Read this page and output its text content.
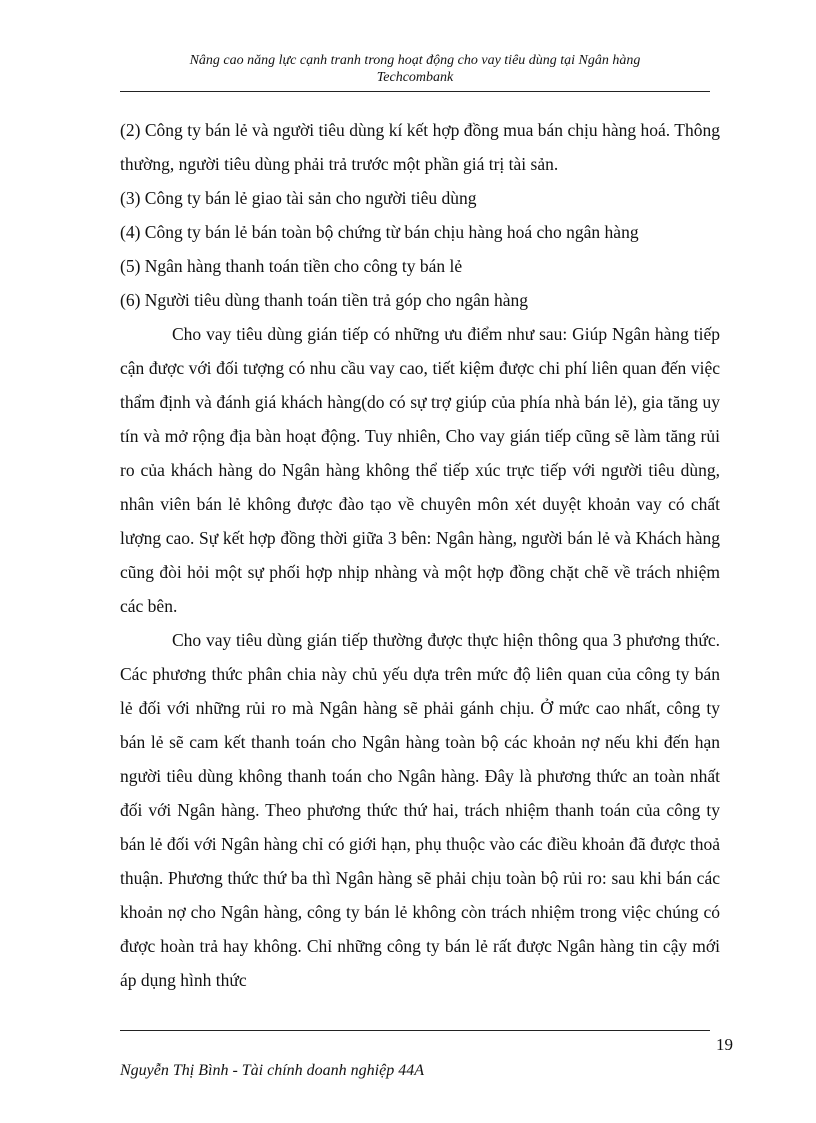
Nâng cao năng lực cạnh tranh trong hoạt động cho vay tiêu dùng tại Ngân hàng
Techcombank

(2) Công ty bán lẻ và người tiêu dùng kí kết hợp đồng mua bán chịu hàng hoá. Thông thường, người tiêu dùng phải trả trước một phần giá trị tài sản.

(3) Công ty bán lẻ giao tài sản cho người tiêu dùng

(4) Công ty bán lẻ bán toàn bộ chứng từ bán chịu hàng hoá cho ngân hàng

(5) Ngân hàng thanh toán tiền cho công ty bán lẻ

(6) Người tiêu dùng thanh toán tiền trả góp cho ngân hàng

Cho vay tiêu dùng gián tiếp có những ưu điểm như sau: Giúp Ngân hàng tiếp cận được với đối tượng có nhu cầu vay cao, tiết kiệm được chi phí liên quan đến việc thẩm định và đánh giá khách hàng(do có sự trợ giúp của phía nhà bán lẻ), gia tăng uy tín và mở rộng địa bàn hoạt động. Tuy nhiên, Cho vay gián tiếp cũng sẽ làm tăng rủi ro của khách hàng do Ngân hàng không thể tiếp xúc trực tiếp với người tiêu dùng, nhân viên bán lẻ không được đào tạo về chuyên môn xét duyệt khoản vay có chất lượng cao. Sự kết hợp đồng thời giữa 3 bên: Ngân hàng, người bán lẻ và Khách hàng cũng đòi hỏi một sự phối hợp nhịp nhàng và một hợp đồng chặt chẽ về trách nhiệm các bên.

Cho vay tiêu dùng gián tiếp thường được thực hiện thông qua 3 phương thức. Các phương thức phân chia này chủ yếu dựa trên mức độ liên quan của công ty bán lẻ đối với những rủi ro mà Ngân hàng sẽ phải gánh chịu. Ở mức cao nhất, công ty bán lẻ sẽ cam kết thanh toán cho Ngân hàng toàn bộ các khoản nợ nếu khi đến hạn người tiêu dùng không thanh toán cho Ngân hàng. Đây là phương thức an toàn nhất đối với Ngân hàng. Theo phương thức thứ hai, trách nhiệm thanh toán của công ty bán lẻ đối với Ngân hàng chỉ có giới hạn, phụ thuộc vào các điều khoản đã được thoả thuận. Phương thức thứ ba thì Ngân hàng sẽ phải chịu toàn bộ rủi ro: sau khi bán các khoản nợ cho Ngân hàng, công ty bán lẻ không còn trách nhiệm trong việc chúng có được hoàn trả hay không. Chỉ những công ty bán lẻ rất được Ngân hàng tin cậy mới áp dụng hình thức

19
Nguyễn Thị Bình - Tài chính doanh nghiệp 44A
